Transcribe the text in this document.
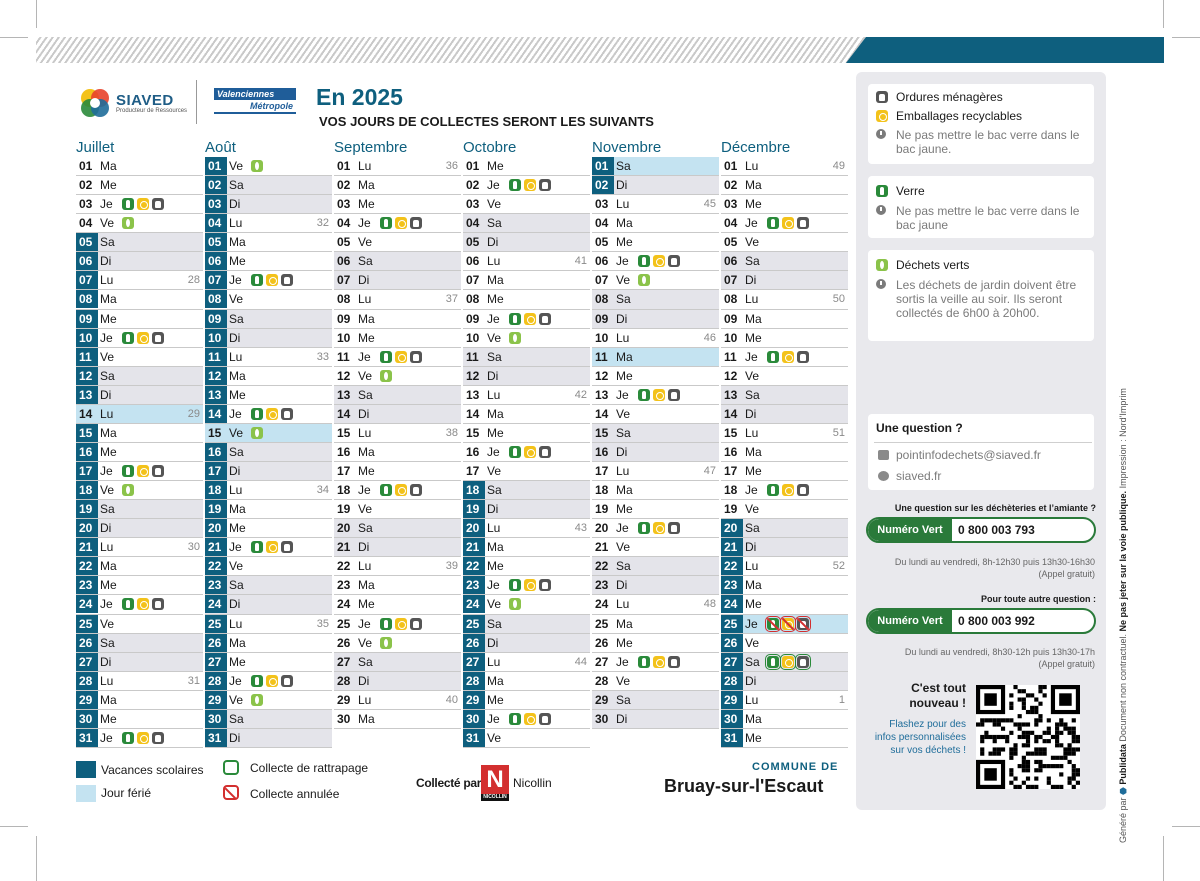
SIAVED
Producteur de Ressources
Valenciennes
Métropole En 2025
VOS JOURS DE COLLECTES SERONT LES SUIVANTS
Juillet
01 Ma
02 Me
03 Je
04 Ve
05 Sa
06 Di
07 Lu	28
08 Ma
09 Me
10 Je
11 Ve
12 Sa
13 Di
14 Lu	29
15 Ma
16 Me
17 Je
18 Ve
19 Sa
20 Di
21 Lu	30
22 Ma
23 Me
24 Je
25 Ve
26 Sa
27 Di
28 Lu	31
29 Ma
30 Me
31 Je
Août
01 Ve
02 Sa
03 Di
04 Lu	32
05 Ma
06 Me
07 Je
08 Ve
09 Sa
10 Di
11 Lu	33
12 Ma
13 Me
14 Je
15 Ve
16 Sa
17 Di
18 Lu	34
19 Ma
20 Me
21 Je
22 Ve
23 Sa
24 Di
25 Lu	35
26 Ma
27 Me
28 Je
29 Ve
30 Sa
31 Di
Septembre
01 Lu	36
02 Ma
03 Me
04 Je
05 Ve
06 Sa
07 Di
08 Lu	37
09 Ma
10 Me
11 Je
12 Ve
13 Sa
14 Di
15 Lu	38
16 Ma
17 Me
18 Je
19 Ve
20 Sa
21 Di
22 Lu	39
23 Ma
24 Me
25 Je
26 Ve
27 Sa
28 Di
29 Lu	40
30 Ma
Octobre
01 Me
02 Je
03 Ve
04 Sa
05 Di
06 Lu	41
07 Ma
08 Me
09 Je
10 Ve
11 Sa
12 Di
13 Lu	42
14 Ma
15 Me
16 Je
17 Ve
18 Sa
19 Di
20 Lu	43
21 Ma
22 Me
23 Je
24 Ve
25 Sa
26 Di
27 Lu	44
28 Ma
29 Me
30 Je
31 Ve
Novembre
01 Sa
02 Di
03 Lu	45
04 Ma
05 Me
06 Je
07 Ve
08 Sa
09 Di
10 Lu	46
11 Ma
12 Me
13 Je
14 Ve
15 Sa
16 Di
17 Lu	47
18 Ma
19 Me
20 Je
21 Ve
22 Sa
23 Di
24 Lu	48
25 Ma
26 Me
27 Je
28 Ve
29 Sa
30 Di
Décembre
01 Lu	49
02 Ma
03 Me
04 Je
05 Ve
06 Sa
07 Di
08 Lu	50
09 Ma
10 Me
11 Je
12 Ve
13 Sa
14 Di
15 Lu	51
16 Ma
17 Me
18 Je
19 Ve
20 Sa
21 Di
22 Lu	52
23 Ma
24 Me
25 Je
26 Ve
27 Sa
28 Di
29 Lu	1
30 Ma
31 Me
Vacances scolaires
Jour férié
Collecte de rattrapage
Collecte annulée
Collecté par N
NICOLLIN
Nicollin
COMMUNE DE
Bruay-sur-l'Escaut
Ordures ménagères
Emballages recyclables
Ne pas mettre le bac verre dans le bac jaune.
Verre
Ne pas mettre le bac verre dans le bac jaune
Déchets verts
Les déchets de jardin doivent être sortis la veille au soir. Ils seront collectés de 6h00 à 20h00.
Une question ?
pointinfodechets@siaved.fr
siaved.fr
Une question sur les déchèteries et l’amiante ?
Numéro Vert	0 800 003 793
Du lundi au vendredi, 8h-12h30 puis 13h30-16h30
(Appel gratuit)
Pour toute autre question :
Numéro Vert	0 800 003 992
Du lundi au vendredi, 8h30-12h puis 13h30-17h
(Appel gratuit)
C'est tout nouveau !
Flashez pour des infos personnalisées sur vos déchets !
Généré par ⬣ Publidata Document non contractuel. Ne pas jeter sur la voie publique. Impression : Nord'Imprim
